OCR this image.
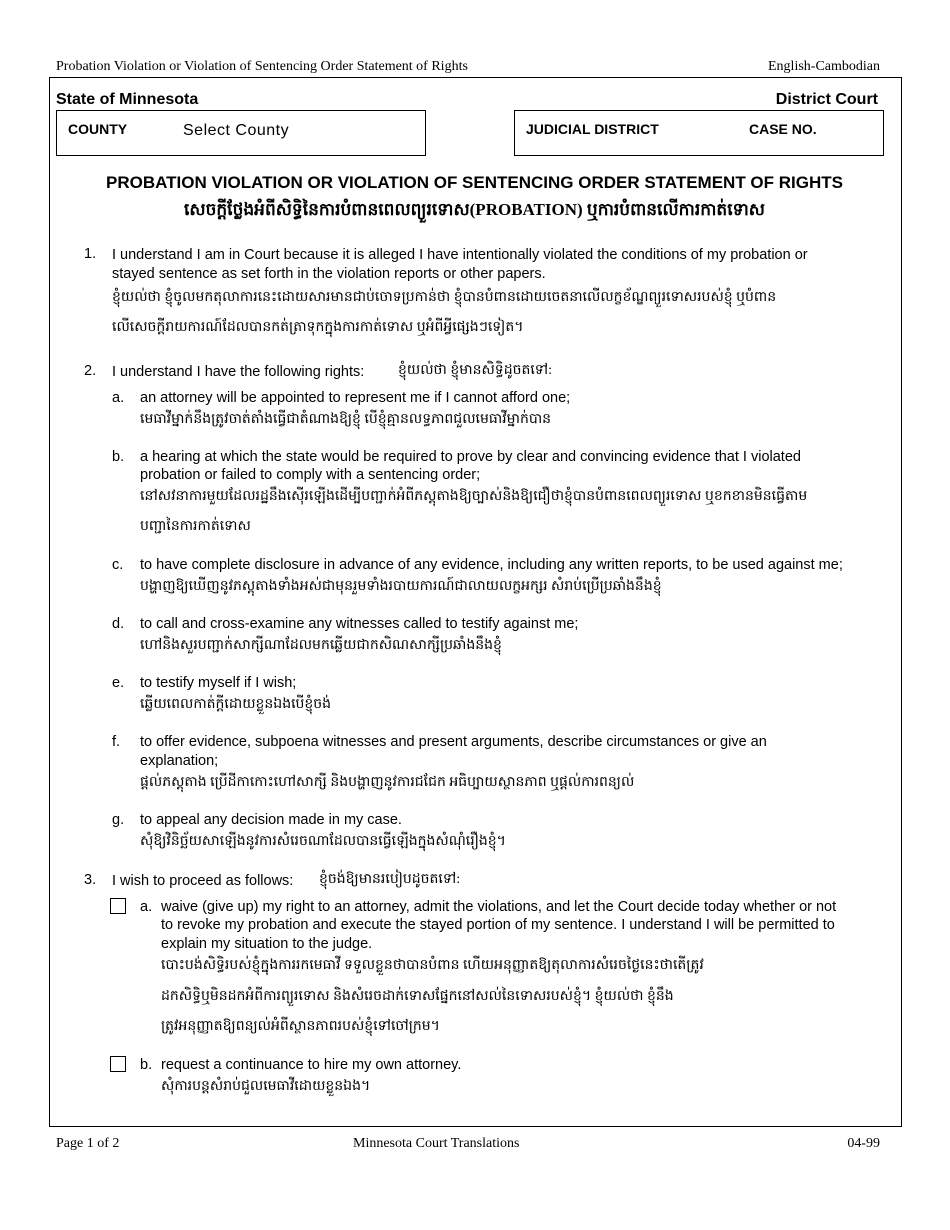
Probation Violation or Violation of Sentencing Order Statement of Rights	English-Cambodian
State of Minnesota	District Court
COUNTY	Select County	JUDICIAL DISTRICT	CASE NO.
PROBATION VIOLATION OR VIOLATION OF SENTENCING ORDER STATEMENT OF RIGHTS
សេចក្តីថ្លែងអំពីសិទ្ធិនៃការបំពានពេលព្យួរទោស(PROBATION) ឬការបំពានលើការកាត់ទោស
1. I understand I am in Court because it is alleged I have intentionally violated the conditions of my probation or
stayed sentence as set forth in the violation reports or other papers.
ខ្ញុំយល់ថា ខ្ញុំចូលមកតុលាការនេះដោយសារមានជាប់ចោទប្រកាន់ថា ខ្ញុំបានបំពានដោយចេតនាលើលក្ខខ័ណ្ឌព្យួរទោសរបស់ខ្ញុំ ឬបំពាន
លើសេចក្តីរាយការណ៍ដែលបានកត់ត្រាទុកក្នុងការកាត់ទោស ឬអំពីអ្វីផ្សេងៗទៀត។
2. I understand I have the following rights: ខ្ញុំយល់ថា ខ្ញុំមានសិទ្ធិដូចតទៅ:
a. an attorney will be appointed to represent me if I cannot afford one;
មេធាវីម្នាក់នឹងត្រូវចាត់តាំងធ្វើជាតំណាងឱ្យខ្ញុំ បើខ្ញុំគ្មានលទ្ធភាពជួលមេធាវីម្នាក់បាន
b. a hearing at which the state would be required to prove by clear and convincing evidence that I violated
probation or failed to comply with a sentencing order;
នៅសវនាការមួយដែលរដ្ឋនឹងស៊ើរឡើងដើម្បីបញ្ជាក់អំពីភស្តុតាងឱ្យច្បាស់និងឱ្យជឿថាខ្ញុំបានបំពានពេលព្យួរទោស ឬខកខានមិនធ្វើតាម
បញ្ជានៃការកាត់ទោស
c. to have complete disclosure in advance of any evidence, including any written reports, to be used against me;
បង្ហាញឱ្យឃើញនូវភស្តុតាងទាំងអស់ជាមុនរួមទាំងរបាយការណ៍ជាលាយលក្ខអក្សរ សំរាប់ប្រើប្រឆាំងនឹងខ្ញុំ
d. to call and cross-examine any witnesses called to testify against me;
ហៅនិងសួរបញ្ជាក់សាក្សីណាដែលមកឆ្លើយជាកសិណសាក្សីប្រឆាំងនឹងខ្ញុំ
e. to testify myself if I wish;
ឆ្លើយពេលកាត់ក្តីដោយខ្លួនឯងបើខ្ញុំចង់
f. to offer evidence, subpoena witnesses and present arguments, describe circumstances or give an
explanation;
ផ្តល់ភស្តុតាង ប្រើដីកាកោះហៅសាក្សី និងបង្ហាញនូវការជជែក អធិប្បាយស្ថានភាព ឬផ្តល់ការពន្យល់
g. to appeal any decision made in my case.
សុំឱ្យវិនិច្ឆ័យសាឡើងនូវការសំរេចណាដែលបានធ្វើឡើងក្នុងសំណុំរឿងខ្ញុំ។
3. I wish to proceed as follows: ខ្ញុំចង់ឱ្យមានរបៀបដូចតទៅ:
a. waive (give up) my right to an attorney, admit the violations, and let the Court decide today whether or not
to revoke my probation and execute the stayed portion of my sentence. I understand I will be permitted to
explain my situation to the judge.
បោះបង់សិទ្ធិរបស់ខ្ញុំក្នុងការរកមេធាវី ទទួលខ្លួនថាបានបំពាន ហើយអនុញ្ញាតឱ្យតុលាការសំរេចថ្ងៃនេះថាតើត្រូវ
ដកសិទ្ធិឬមិនដកអំពីការព្យួរទោស និងសំរេចដាក់ទោសផ្នែកនៅសល់នៃទោសរបស់ខ្ញុំ។ ខ្ញុំយល់ថា ខ្ញុំនឹង
ត្រូវអនុញ្ញាតឱ្យពន្យល់អំពីស្ថានភាពរបស់ខ្ញុំទៅចៅក្រម។
b. request a continuance to hire my own attorney.
សុំការបន្តសំរាប់ជួលមេធាវីដោយខ្លួនឯង។
Page 1 of 2	Minnesota Court Translations	04-99
